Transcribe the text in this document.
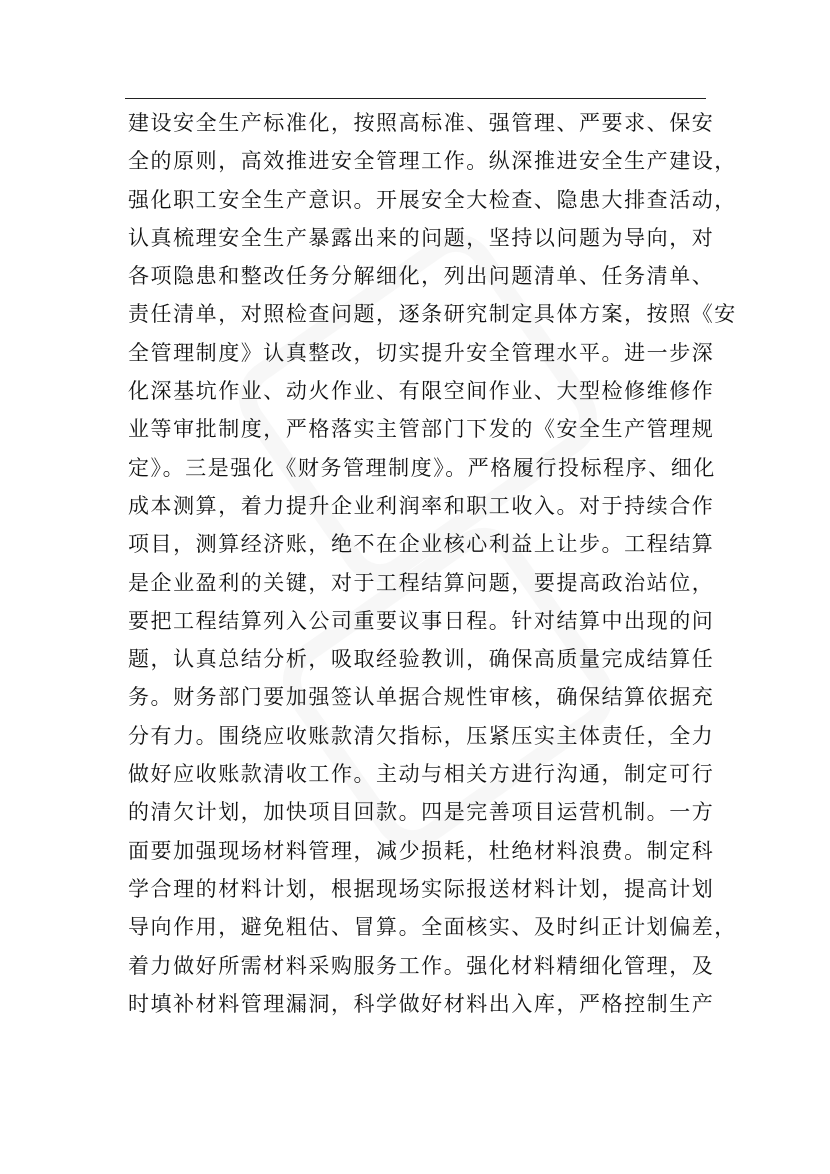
建设安全生产标准化，按照高标准、强管理、严要求、保安
全的原则，高效推进安全管理工作。纵深推进安全生产建设，
强化职工安全生产意识。开展安全大检查、隐患大排查活动，
认真梳理安全生产暴露出来的问题，坚持以问题为导向，对
各项隐患和整改任务分解细化，列出问题清单、任务清单、
责任清单，对照检查问题，逐条研究制定具体方案，按照《安
全管理制度》认真整改，切实提升安全管理水平。进一步深
化深基坑作业、动火作业、有限空间作业、大型检修维修作
业等审批制度，严格落实主管部门下发的《安全生产管理规
定》。三是强化《财务管理制度》。严格履行投标程序、细化
成本测算，着力提升企业利润率和职工收入。对于持续合作
项目，测算经济账，绝不在企业核心利益上让步。工程结算
是企业盈利的关键，对于工程结算问题，要提高政治站位，
要把工程结算列入公司重要议事日程。针对结算中出现的问
题，认真总结分析，吸取经验教训，确保高质量完成结算任
务。财务部门要加强签认单据合规性审核，确保结算依据充
分有力。围绕应收账款清欠指标，压紧压实主体责任，全力
做好应收账款清收工作。主动与相关方进行沟通，制定可行
的清欠计划，加快项目回款。四是完善项目运营机制。一方
面要加强现场材料管理，减少损耗，杜绝材料浪费。制定科
学合理的材料计划，根据现场实际报送材料计划，提高计划
导向作用，避免粗估、冒算。全面核实、及时纠正计划偏差，
着力做好所需材料采购服务工作。强化材料精细化管理，及
时填补材料管理漏洞，科学做好材料出入库，严格控制生产
